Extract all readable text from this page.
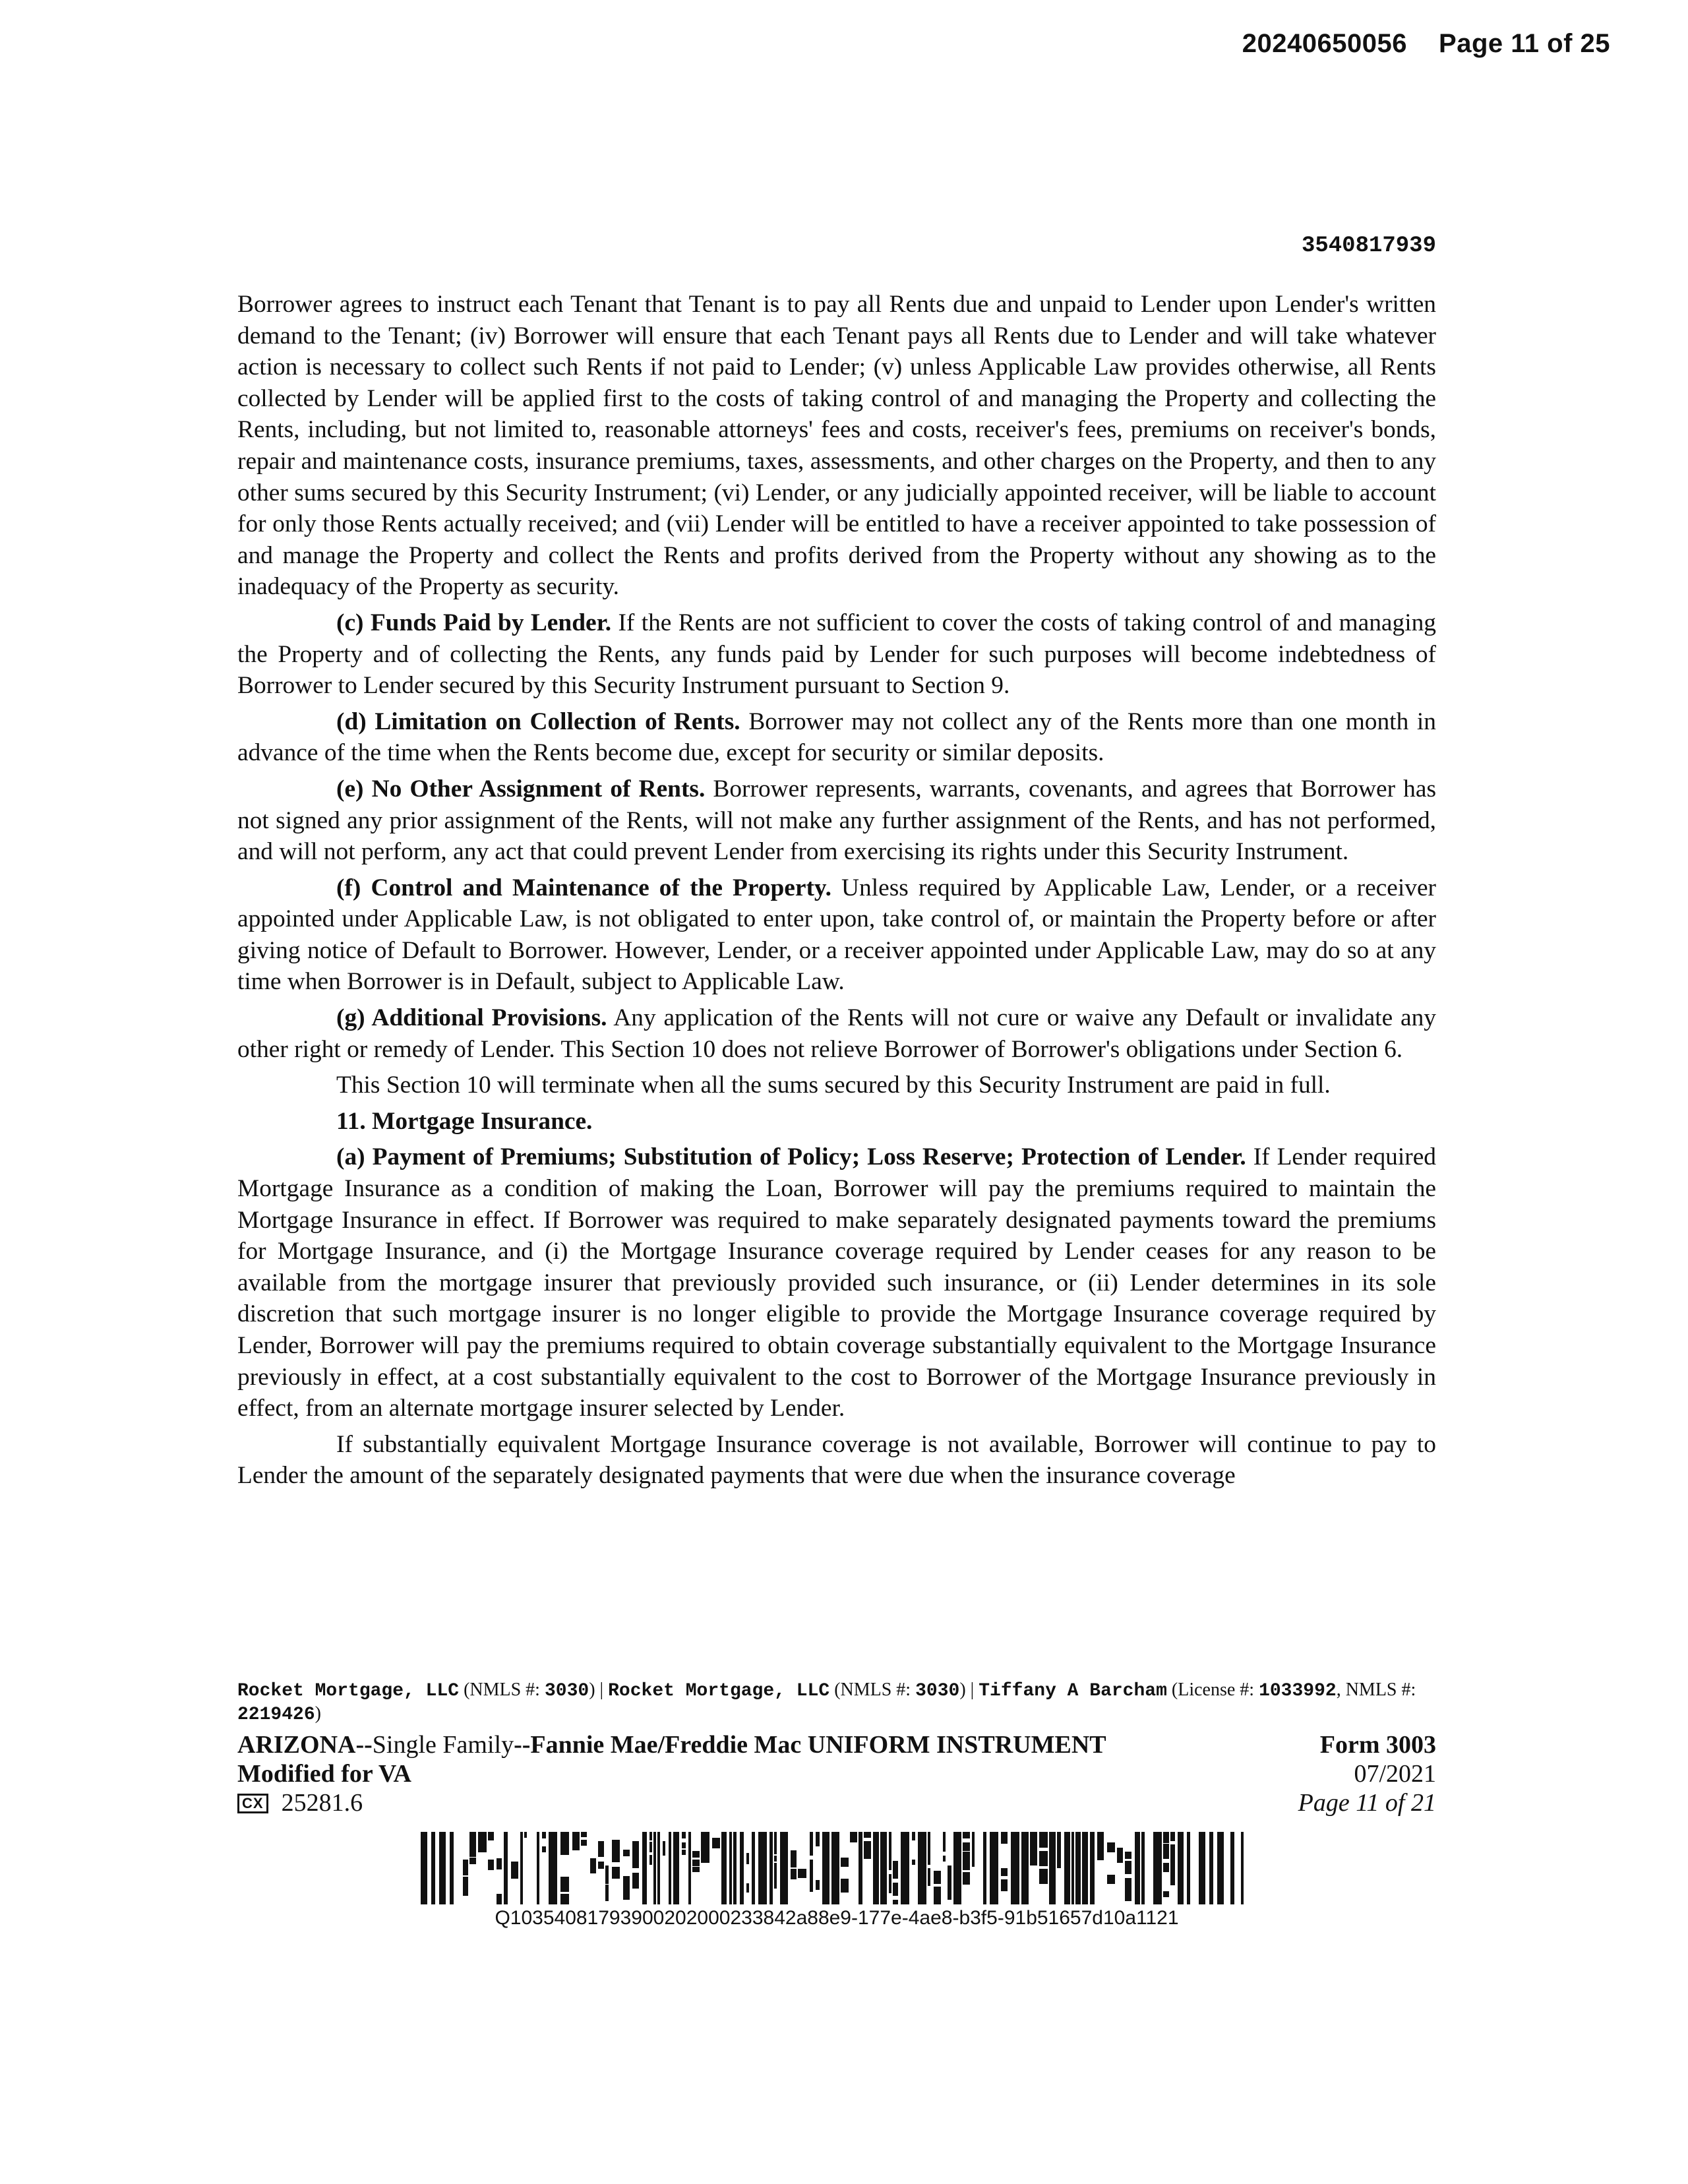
20240650056 Page 11 of 25
3540817939

Borrower agrees to instruct each Tenant that Tenant is to pay all Rents due and unpaid to Lender upon Lender's written demand to the Tenant; (iv) Borrower will ensure that each Tenant pays all Rents due to Lender and will take whatever action is necessary to collect such Rents if not paid to Lender; (v) unless Applicable Law provides otherwise, all Rents collected by Lender will be applied first to the costs of taking control of and managing the Property and collecting the Rents, including, but not limited to, reasonable attorneys' fees and costs, receiver's fees, premiums on receiver's bonds, repair and maintenance costs, insurance premiums, taxes, assessments, and other charges on the Property, and then to any other sums secured by this Security Instrument; (vi) Lender, or any judicially appointed receiver, will be liable to account for only those Rents actually received; and (vii) Lender will be entitled to have a receiver appointed to take possession of and manage the Property and collect the Rents and profits derived from the Property without any showing as to the inadequacy of the Property as security.

(c) Funds Paid by Lender. If the Rents are not sufficient to cover the costs of taking control of and managing the Property and of collecting the Rents, any funds paid by Lender for such purposes will become indebtedness of Borrower to Lender secured by this Security Instrument pursuant to Section 9.

(d) Limitation on Collection of Rents. Borrower may not collect any of the Rents more than one month in advance of the time when the Rents become due, except for security or similar deposits.

(e) No Other Assignment of Rents. Borrower represents, warrants, covenants, and agrees that Borrower has not signed any prior assignment of the Rents, will not make any further assignment of the Rents, and has not performed, and will not perform, any act that could prevent Lender from exercising its rights under this Security Instrument.

(f) Control and Maintenance of the Property. Unless required by Applicable Law, Lender, or a receiver appointed under Applicable Law, is not obligated to enter upon, take control of, or maintain the Property before or after giving notice of Default to Borrower. However, Lender, or a receiver appointed under Applicable Law, may do so at any time when Borrower is in Default, subject to Applicable Law.

(g) Additional Provisions. Any application of the Rents will not cure or waive any Default or invalidate any other right or remedy of Lender. This Section 10 does not relieve Borrower of Borrower's obligations under Section 6.

This Section 10 will terminate when all the sums secured by this Security Instrument are paid in full.

11. Mortgage Insurance.

(a) Payment of Premiums; Substitution of Policy; Loss Reserve; Protection of Lender. If Lender required Mortgage Insurance as a condition of making the Loan, Borrower will pay the premiums required to maintain the Mortgage Insurance in effect. If Borrower was required to make separately designated payments toward the premiums for Mortgage Insurance, and (i) the Mortgage Insurance coverage required by Lender ceases for any reason to be available from the mortgage insurer that previously provided such insurance, or (ii) Lender determines in its sole discretion that such mortgage insurer is no longer eligible to provide the Mortgage Insurance coverage required by Lender, Borrower will pay the premiums required to obtain coverage substantially equivalent to the Mortgage Insurance previously in effect, at a cost substantially equivalent to the cost to Borrower of the Mortgage Insurance previously in effect, from an alternate mortgage insurer selected by Lender.

If substantially equivalent Mortgage Insurance coverage is not available, Borrower will continue to pay to Lender the amount of the separately designated payments that were due when the insurance coverage

Rocket Mortgage, LLC (NMLS #: 3030) | Rocket Mortgage, LLC (NMLS #: 3030) | Tiffany A Barcham (License #: 1033992, NMLS #: 2219426)
ARIZONA--Single Family--Fannie Mae/Freddie Mac UNIFORM INSTRUMENT	Form 3003
Modified for VA	07/2021
CX 25281.6	Page 11 of 21
Q10354081793900202000233842a88e9-177e-4ae8-b3f5-91b51657d10a1121
